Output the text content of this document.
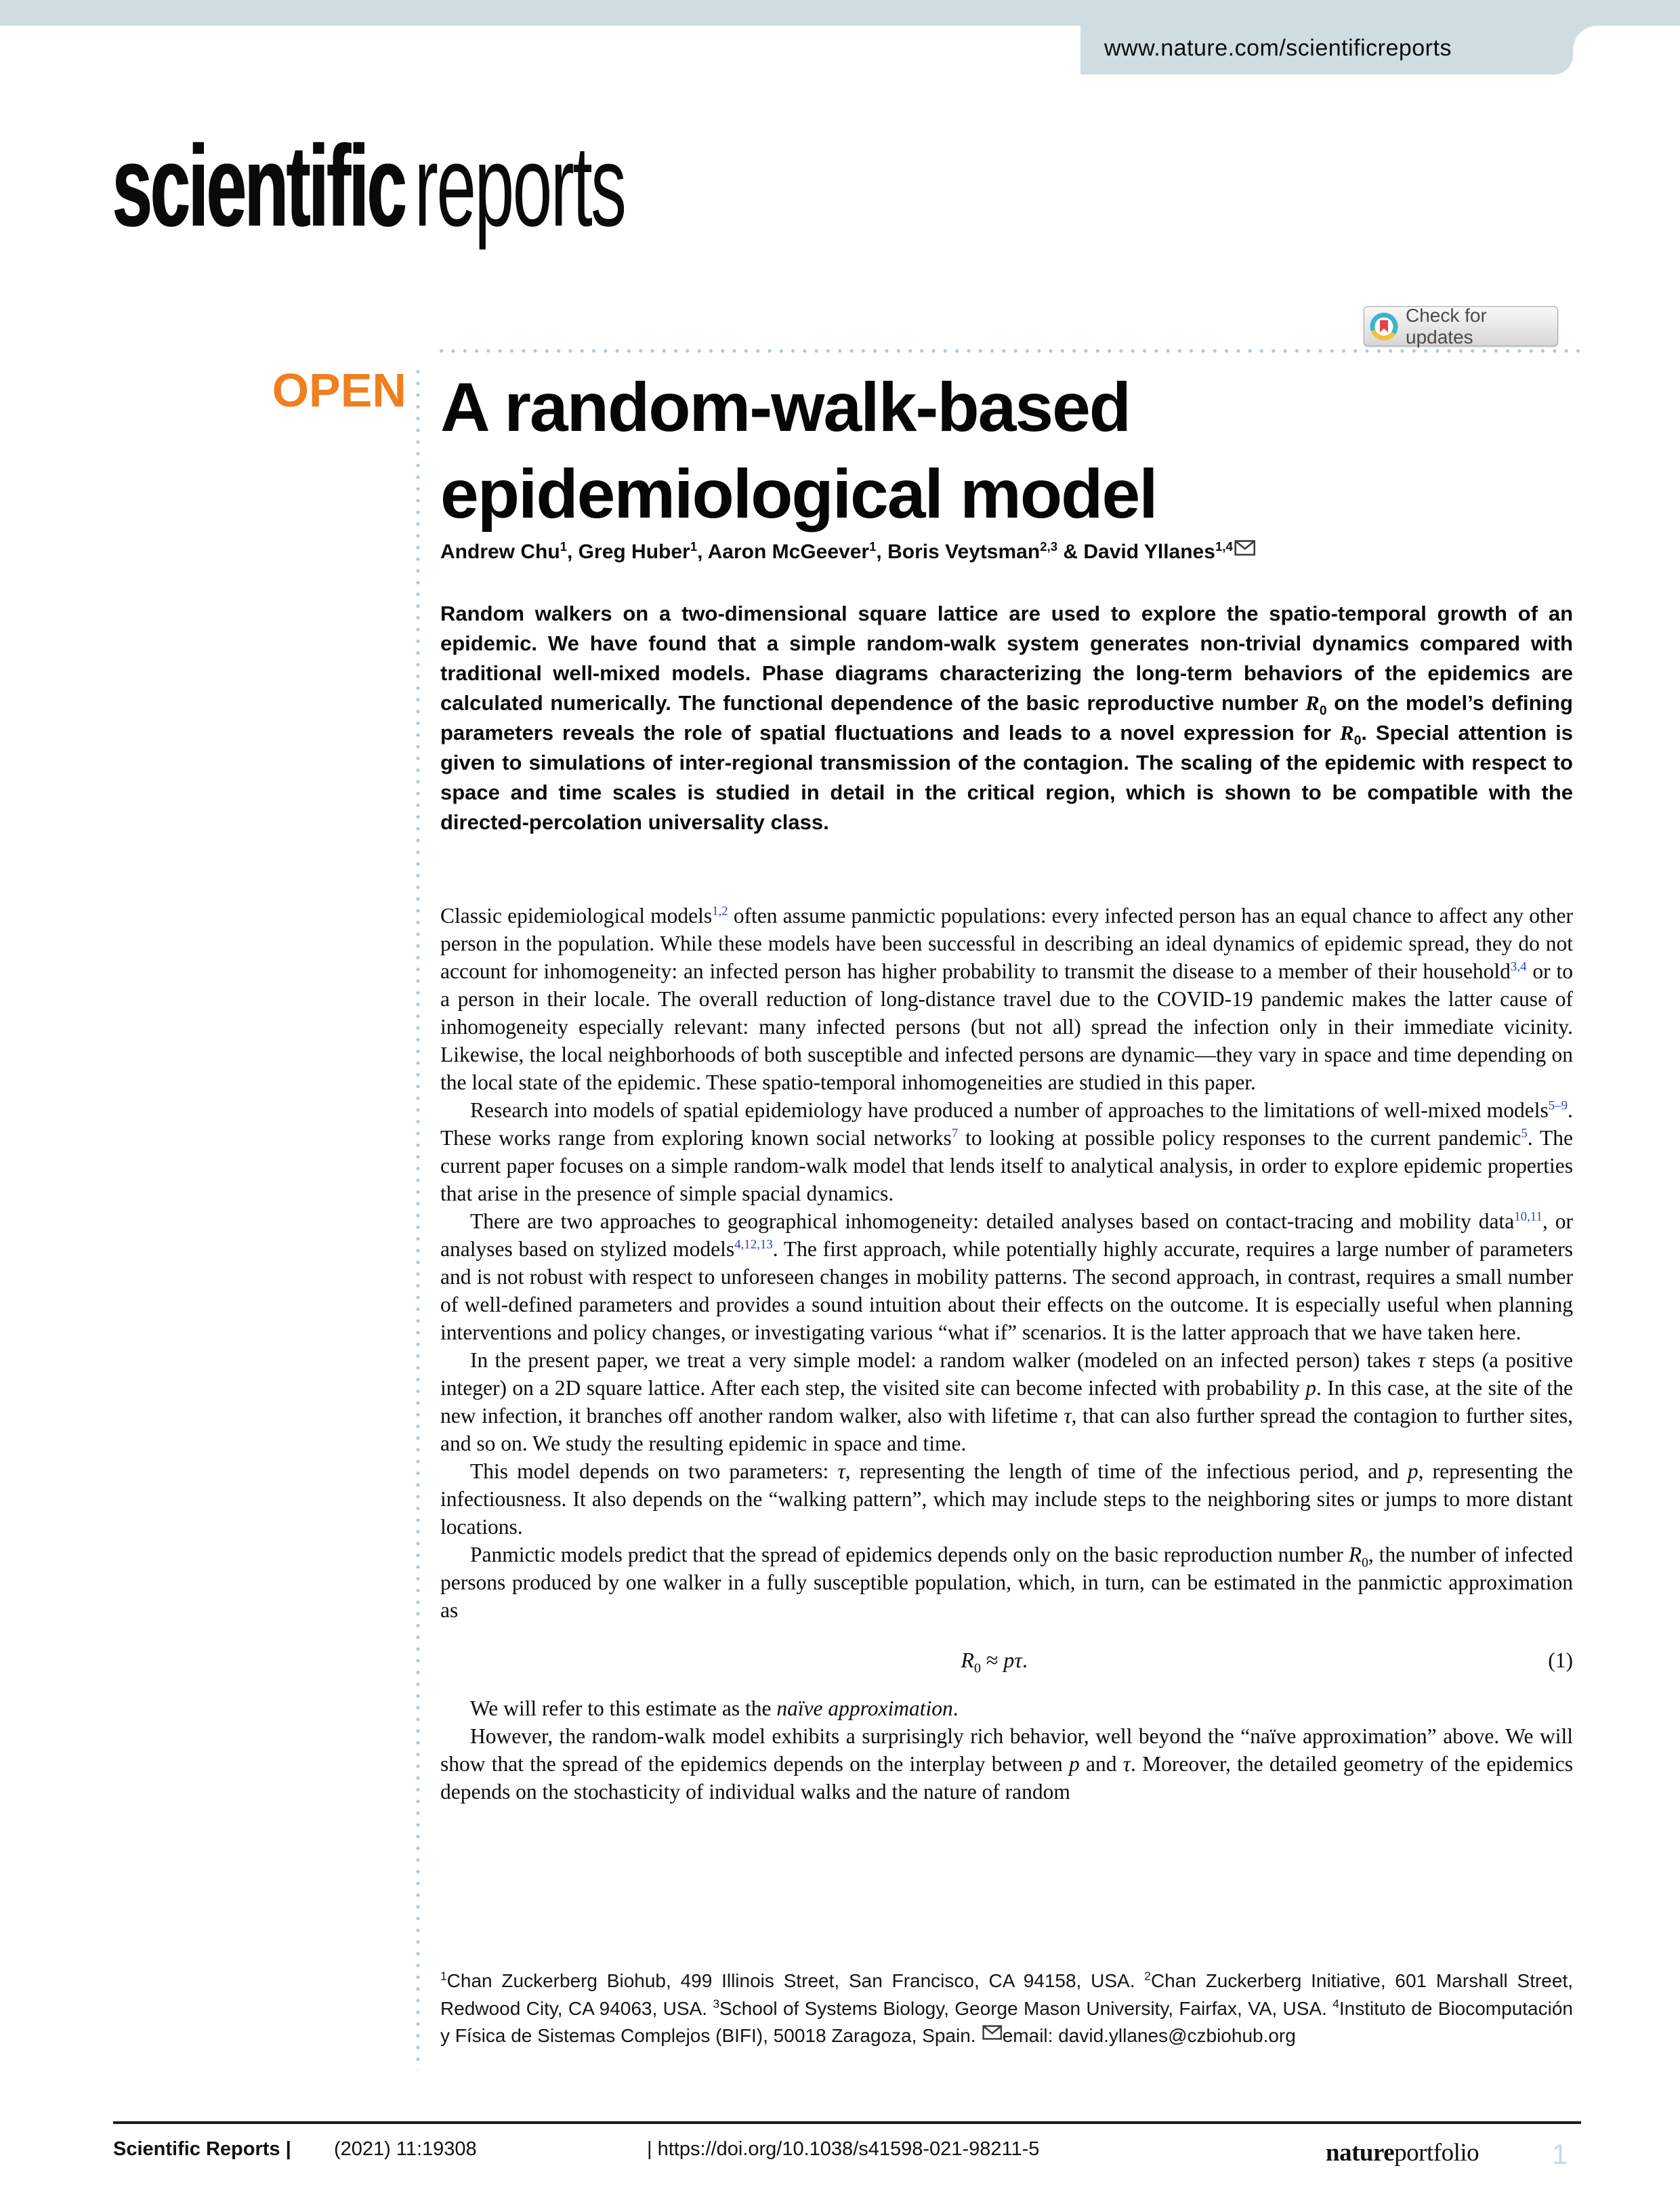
www.nature.com/scientificreports
scientificreports
Check for updates
OPEN A random-walk-based epidemiological model
Andrew Chu$^1$, Greg Huber$^1$, Aaron McGeever$^1$, Boris Veytsman$^{2,3}$ & David Yllanes$^{1,4}$
Random walkers on a two-dimensional square lattice are used to explore the spatio-temporal growth of an epidemic. We have found that a simple random-walk system generates non-trivial dynamics compared with traditional well-mixed models. Phase diagrams characterizing the long-term behaviors of the epidemics are calculated numerically. The functional dependence of the basic reproductive number $R_0$ on the model’s defining parameters reveals the role of spatial fluctuations and leads to a novel expression for $R_0$. Special attention is given to simulations of inter-regional transmission of the contagion. The scaling of the epidemic with respect to space and time scales is studied in detail in the critical region, which is shown to be compatible with the directed-percolation universality class.

Classic epidemiological models$^{1,2}$ often assume panmictic populations: every infected person has an equal chance to affect any other person in the population. While these models have been successful in describing an ideal dynamics of epidemic spread, they do not account for inhomogeneity: an infected person has higher probability to transmit the disease to a member of their household$^{3,4}$ or to a person in their locale. The overall reduction of long-distance travel due to the COVID-19 pandemic makes the latter cause of inhomogeneity especially relevant: many infected persons (but not all) spread the infection only in their immediate vicinity. Likewise, the local neighborhoods of both susceptible and infected persons are dynamic—they vary in space and time depending on the local state of the epidemic. These spatio-temporal inhomogeneities are studied in this paper.

Research into models of spatial epidemiology have produced a number of approaches to the limitations of well-mixed models$^{5-9}$. These works range from exploring known social networks$^7$ to looking at possible policy responses to the current pandemic$^5$. The current paper focuses on a simple random-walk model that lends itself to analytical analysis, in order to explore epidemic properties that arise in the presence of simple spacial dynamics.

There are two approaches to geographical inhomogeneity: detailed analyses based on contact-tracing and mobility data$^{10,11}$, or analyses based on stylized models$^{4,12,13}$. The first approach, while potentially highly accurate, requires a large number of parameters and is not robust with respect to unforeseen changes in mobility patterns. The second approach, in contrast, requires a small number of well-defined parameters and provides a sound intuition about their effects on the outcome. It is especially useful when planning interventions and policy changes, or investigating various “what if” scenarios. It is the latter approach that we have taken here.

In the present paper, we treat a very simple model: a random walker (modeled on an infected person) takes τ steps (a positive integer) on a 2D square lattice. After each step, the visited site can become infected with probability p. In this case, at the site of the new infection, it branches off another random walker, also with lifetime τ, that can also further spread the contagion to further sites, and so on. We study the resulting epidemic in space and time.

This model depends on two parameters: τ, representing the length of time of the infectious period, and p, representing the infectiousness. It also depends on the “walking pattern”, which may include steps to the neighboring sites or jumps to more distant locations.

Panmictic models predict that the spread of epidemics depends only on the basic reproduction number $R_0$, the number of infected persons produced by one walker in a fully susceptible population, which, in turn, can be estimated in the panmictic approximation as

$R_0 \approx p\tau$.	(1)

We will refer to this estimate as the naïve approximation.

However, the random-walk model exhibits a surprisingly rich behavior, well beyond the “naïve approximation” above. We will show that the spread of the epidemics depends on the interplay between p and τ. Moreover, the detailed geometry of the epidemics depends on the stochasticity of individual walks and the nature of random

$^1$Chan Zuckerberg Biohub, 499 Illinois Street, San Francisco, CA 94158, USA. $^2$Chan Zuckerberg Initiative, 601 Marshall Street, Redwood City, CA 94063, USA. $^3$School of Systems Biology, George Mason University, Fairfax, VA, USA. $^4$Instituto de Biocomputación y Física de Sistemas Complejos (BIFI), 50018 Zaragoza, Spain.
email: david.yllanes@czbiohub.org
Scientific Reports | (2021) 11:19308	| https://doi.org/10.1038/s41598-021-98211-5	natureportfolio	1
